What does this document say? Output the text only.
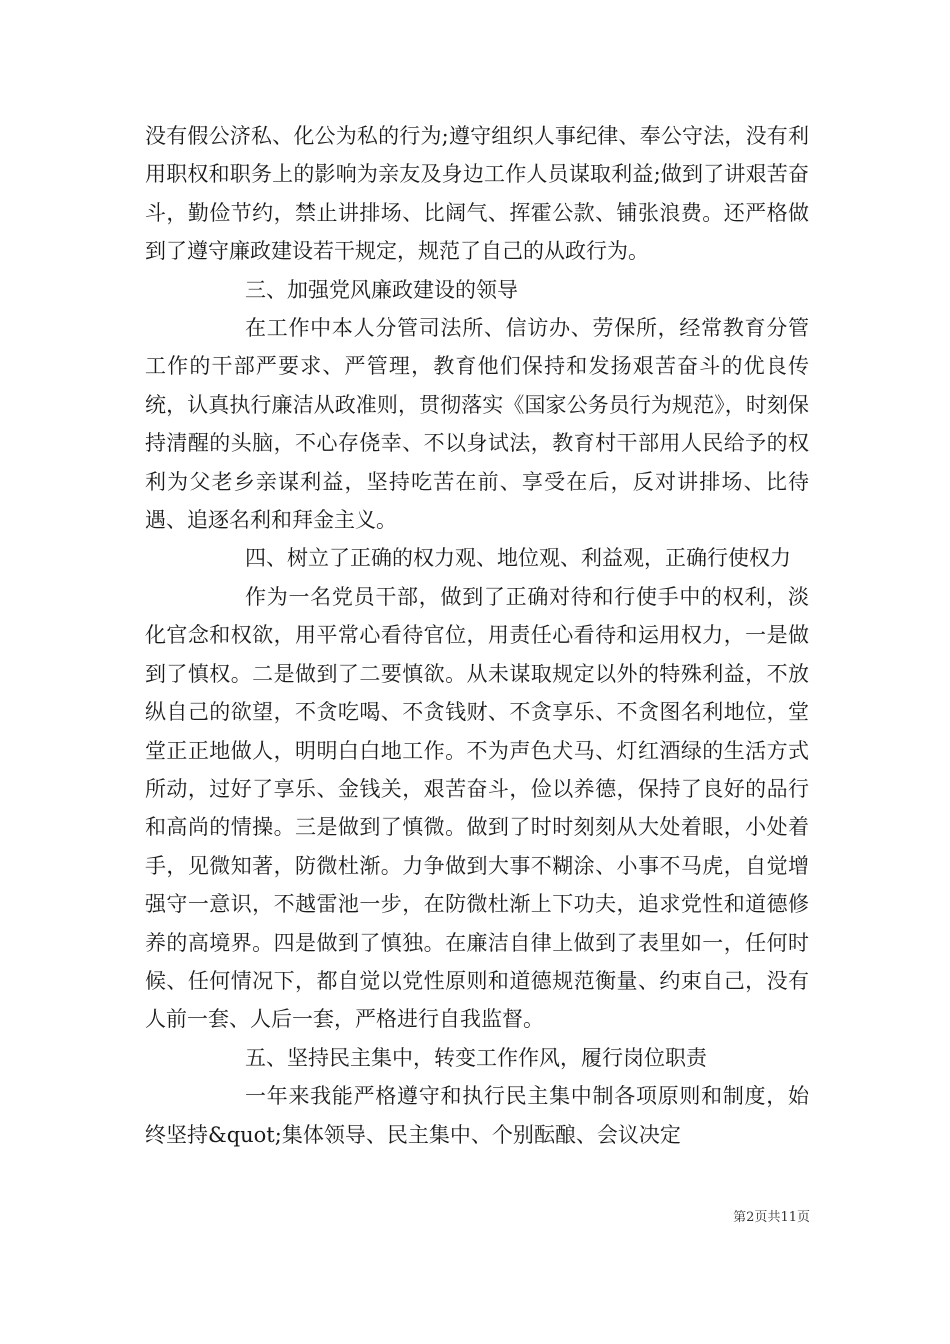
没有假公济私、化公为私的行为;遵守组织人事纪律、奉公守法，没有利用职权和职务上的影响为亲友及身边工作人员谋取利益;做到了讲艰苦奋斗，勤俭节约，禁止讲排场、比阔气、挥霍公款、铺张浪费。还严格做到了遵守廉政建设若干规定，规范了自己的从政行为。

三、加强党风廉政建设的领导

在工作中本人分管司法所、信访办、劳保所，经常教育分管工作的干部严要求、严管理，教育他们保持和发扬艰苦奋斗的优良传统，认真执行廉洁从政准则，贯彻落实《国家公务员行为规范》，时刻保持清醒的头脑，不心存侥幸、不以身试法，教育村干部用人民给予的权利为父老乡亲谋利益，坚持吃苦在前、享受在后，反对讲排场、比待遇、追逐名利和拜金主义。

四、树立了正确的权力观、地位观、利益观，正确行使权力

作为一名党员干部，做到了正确对待和行使手中的权利，淡化官念和权欲，用平常心看待官位，用责任心看待和运用权力，一是做到了慎权。二是做到了二要慎欲。从未谋取规定以外的特殊利益，不放纵自己的欲望，不贪吃喝、不贪钱财、不贪享乐、不贪图名利地位，堂堂正正地做人，明明白白地工作。不为声色犬马、灯红酒绿的生活方式所动，过好了享乐、金钱关，艰苦奋斗，俭以养德，保持了良好的品行和高尚的情操。三是做到了慎微。做到了时时刻刻从大处着眼，小处着手，见微知著，防微杜渐。力争做到大事不糊涂、小事不马虎，自觉增强守一意识，不越雷池一步，在防微杜渐上下功夫，追求党性和道德修养的高境界。四是做到了慎独。在廉洁自律上做到了表里如一，任何时候、任何情况下，都自觉以党性原则和道德规范衡量、约束自己，没有人前一套、人后一套，严格进行自我监督。

五、坚持民主集中，转变工作作风，履行岗位职责

一年来我能严格遵守和执行民主集中制各项原则和制度，始终坚持&quot;集体领导、民主集中、个别酝酿、会议决定

第2页共11页
